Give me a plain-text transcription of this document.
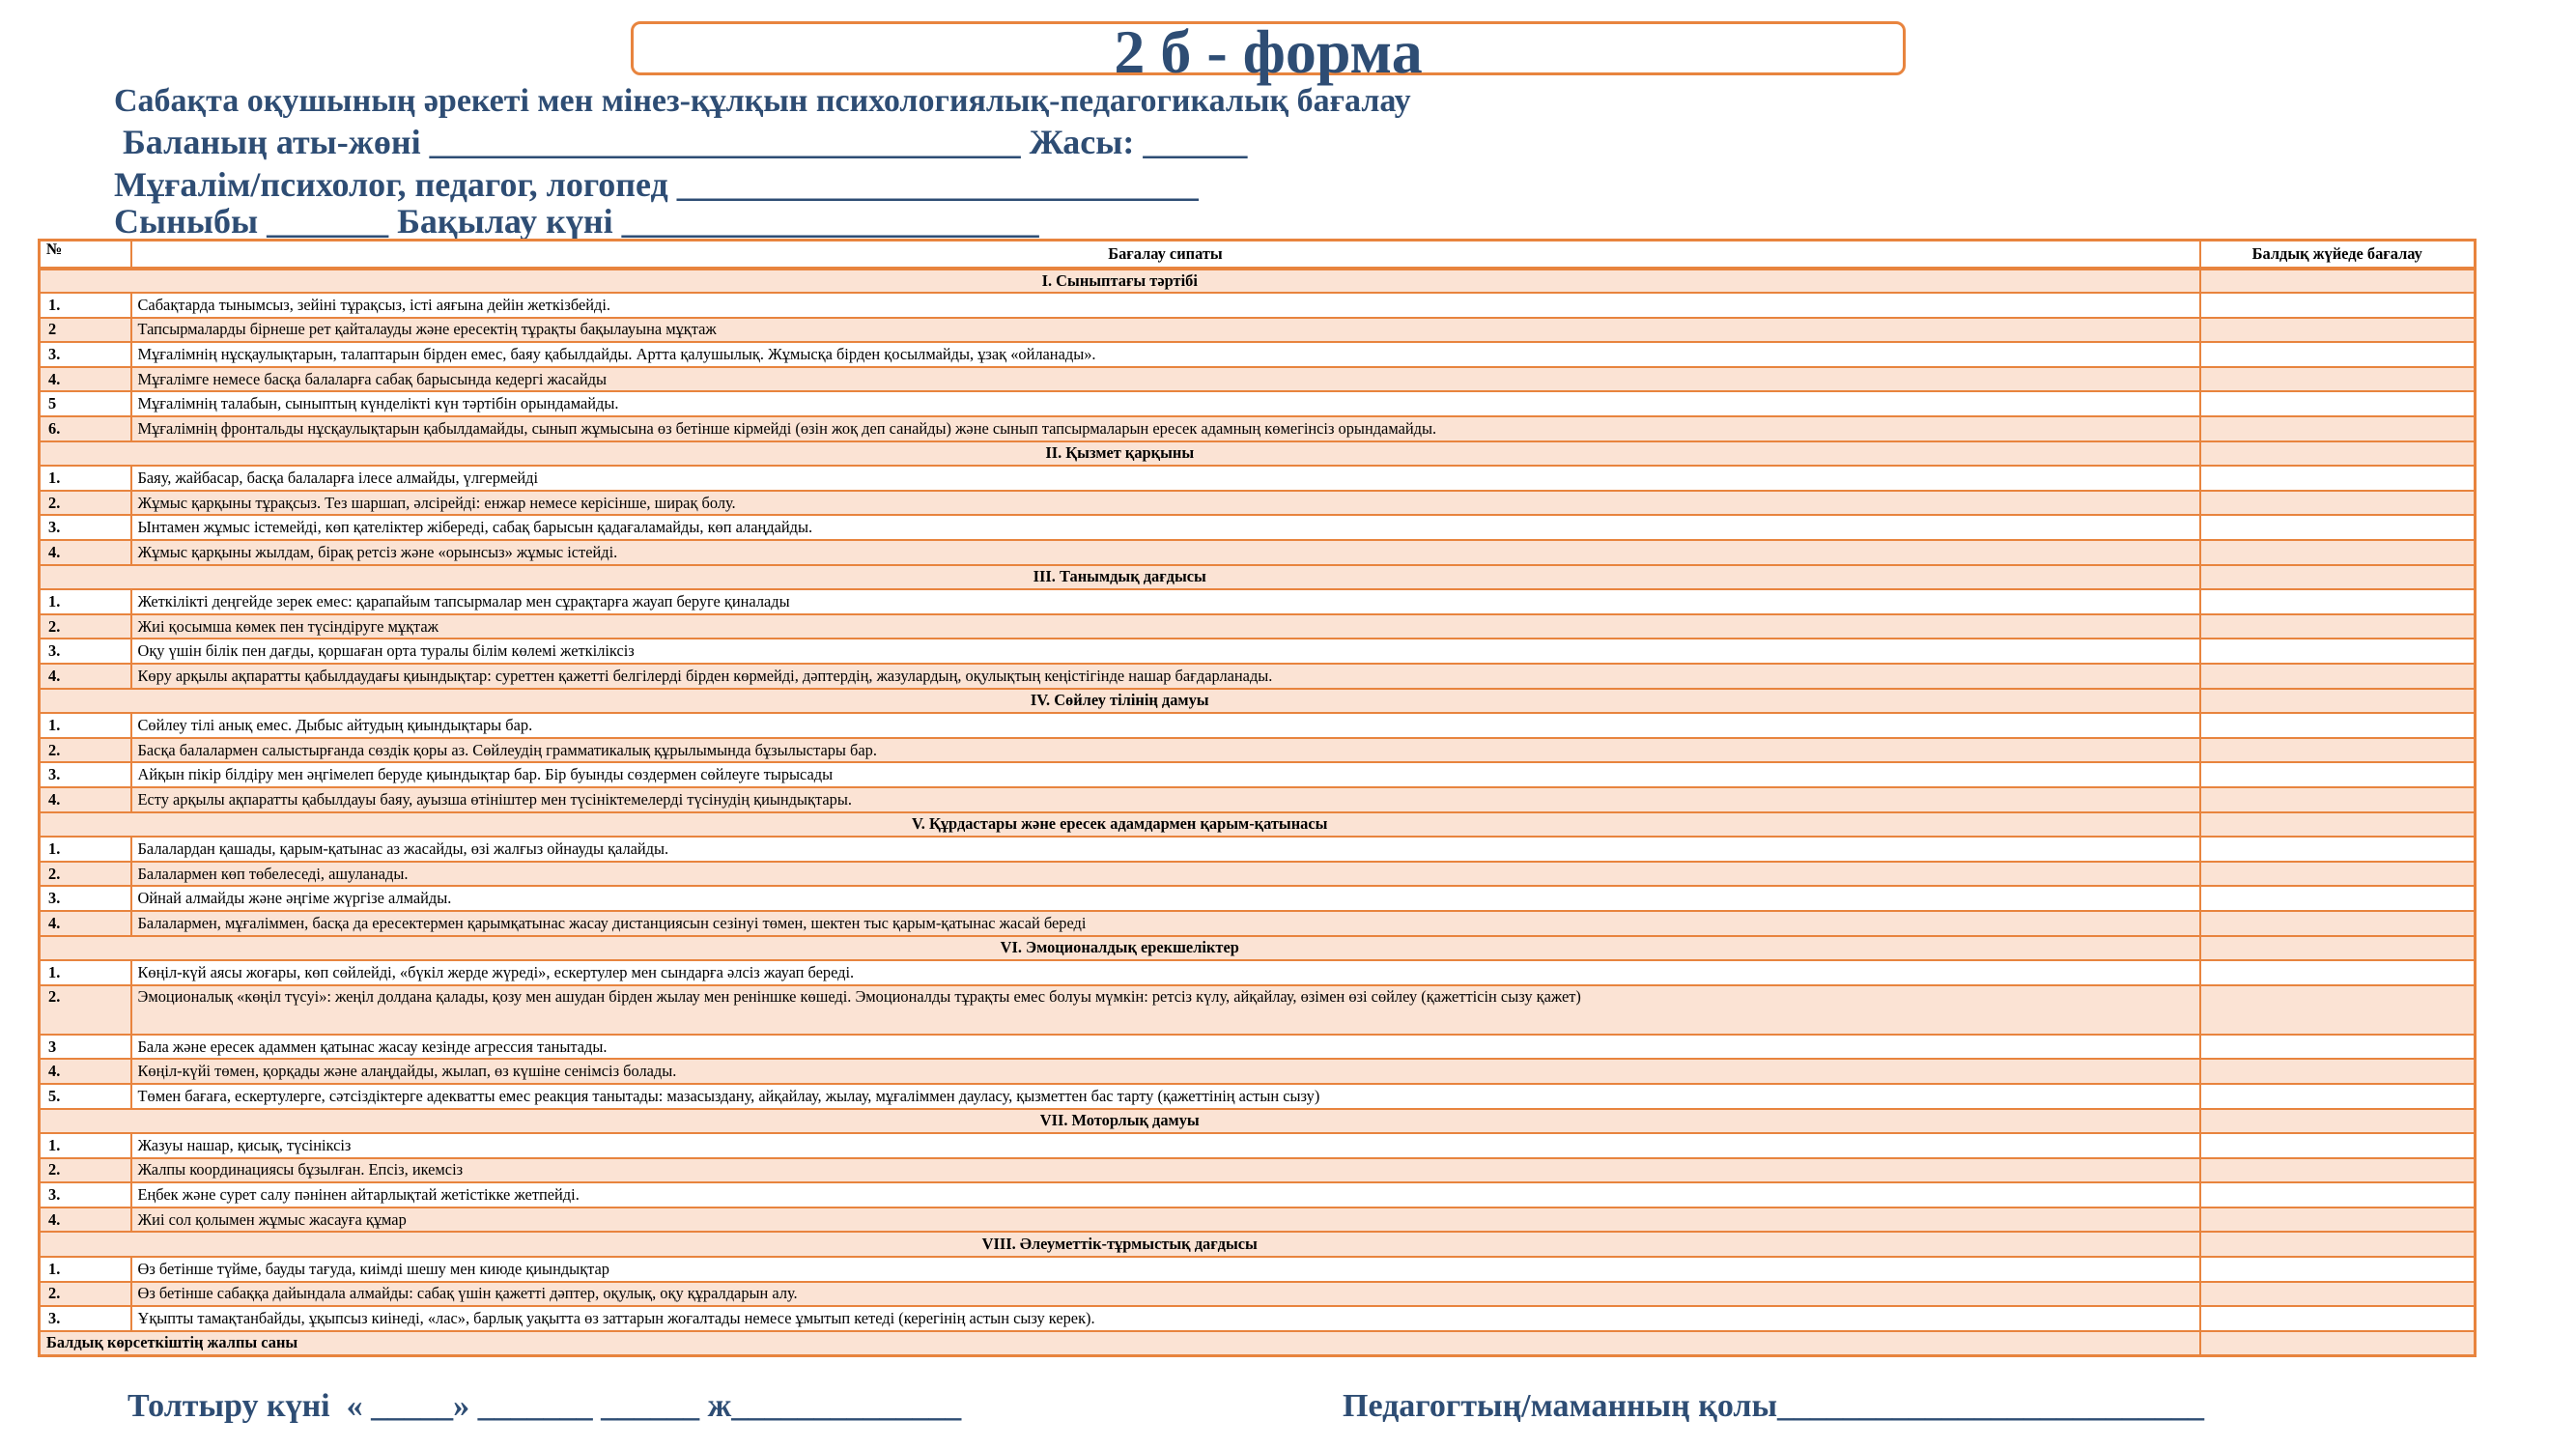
2 б - форма
Сабақта оқушының әрекеті мен мінез-құлқын психологиялық-педагогикалық бағалау
Баланың аты-жөні __________________________________ Жасы: ______
Мұғалім/психолог, педагог, логопед ______________________________
Сыныбы _______ Бақылау күні ________________________
№	Бағалау сипаты	Балдық жүйеде бағалау
I. Сыныптағы тәртібі		
1.	Сабақтарда тынымсыз, зейіні тұрақсыз, істі аяғына дейін жеткізбейді.	
2	Тапсырмаларды бірнеше рет қайталауды және ересектің тұрақты бақылауына мұқтаж	
3.	Мұғалімнің нұсқаулықтарын, талаптарын бірден емес, баяу қабылдайды. Артта қалушылық. Жұмысқа бірден қосылмайды, ұзақ «ойланады».	
4.	Мұғалімге немесе басқа балаларға сабақ барысында кедергі жасайды	
5	Мұғалімнің талабын, сыныптың күнделікті күн тәртібін орындамайды.	
6.	Мұғалімнің фронтальды нұсқаулықтарын қабылдамайды, сынып жұмысына өз бетінше кірмейді (өзін жоқ деп санайды) және сынып тапсырмаларын ересек адамның көмегінсіз орындамайды.	
II. Қызмет қарқыны		
1.	Баяу, жайбасар, басқа балаларға ілесе алмайды, үлгермейді	
2.	Жұмыс қарқыны тұрақсыз. Тез шаршап, әлсірейді: енжар немесе керісінше, ширақ болу.	
3.	Ынтамен жұмыс істемейді, көп қателіктер жібереді, сабақ барысын қадағаламайды, көп алаңдайды.	
4.	Жұмыс қарқыны жылдам, бірақ ретсіз және «орынсыз» жұмыс істейді.	
III. Танымдық дағдысы		
1.	Жеткілікті деңгейде зерек емес: қарапайым тапсырмалар мен сұрақтарға жауап беруге қиналады	
2.	Жиі қосымша көмек пен түсіндіруге мұқтаж	
3.	Оқу үшін білік пен дағды, қоршаған орта туралы білім көлемі жеткіліксіз	
4.	Көру арқылы ақпаратты қабылдаудағы қиындықтар: суреттен қажетті белгілерді бірден көрмейді, дәптердің, жазулардың, оқулықтың кеңістігінде нашар бағдарланады.	
IV. Сөйлеу тілінің дамуы		
1.	Сөйлеу тілі анық емес. Дыбыс айтудың қиындықтары бар.	
2.	Басқа балалармен салыстырғанда сөздік қоры аз. Сөйлеудің грамматикалық құрылымында бұзылыстары бар.	
3.	Айқын пікір білдіру мен әңгімелеп беруде қиындықтар бар. Бір буынды сөздермен сөйлеуге тырысады	
4.	Есту арқылы ақпаратты қабылдауы баяу, ауызша өтініштер мен түсініктемелерді түсінудің қиындықтары.	
V. Құрдастары және ересек адамдармен қарым-қатынасы		
1.	Балалардан қашады, қарым-қатынас аз жасайды, өзі жалғыз ойнауды қалайды.	
2.	Балалармен көп төбелеседі, ашуланады.	
3.	Ойнай алмайды және әңгіме жүргізе алмайды.	
4.	Балалармен, мұғаліммен, басқа да ересектермен қарымқатынас жасау дистанциясын сезінуі төмен, шектен тыс қарым-қатынас жасай береді	
VI. Эмоционалдық ерекшеліктер		
1.	Көңіл-күй аясы жоғары, көп сөйлейді, «бүкіл жерде жүреді», ескертулер мен сындарға әлсіз жауап береді.	
2.	Эмоционалық «көңіл түсуі»: жеңіл долдана қалады, қозу мен ашудан бірден жылау мен реніншке көшеді. Эмоционалды тұрақты емес болуы мүмкін: ретсіз күлу, айқайлау, өзімен өзі сөйлеу (қажеттісін сызу қажет)	
3	Бала және ересек адаммен қатынас жасау кезінде агрессия танытады.	
4.	Көңіл-күйі төмен, қорқады және алаңдайды, жылап, өз күшіне сенімсіз болады.	
5.	Төмен бағаға, ескертулерге, сәтсіздіктерге адекватты емес реакция танытады: мазасыздану, айқайлау, жылау, мұғаліммен дауласу, қызметтен бас тарту (қажеттінің астын сызу)	
VII. Моторлық дамуы		
1.	Жазуы нашар, қисық, түсініксіз	
2.	Жалпы координациясы бұзылған. Епсіз, икемсіз	
3.	Еңбек және сурет салу пәнінен айтарлықтай жетістікке жетпейді.	
4.	Жиі сол қолымен жұмыс жасауға құмар	
VIII. Әлеуметтік-тұрмыстық дағдысы		
1.	Өз бетінше түйме, бауды тағуда, киімді шешу мен киюде қиындықтар	
2.	Өз бетінше сабаққа дайындала алмайды: сабақ үшін қажетті дәптер, оқулық, оқу құралдарын алу.	
3.	Ұқыпты тамақтанбайды, ұқыпсыз киінеді, «лас», барлық уақытта өз заттарын жоғалтады немесе ұмытып кетеді (керегінің астын сызу керек).	
Балдық көрсеткіштің жалпы саны		
Толтыру күні  « _____» _______ ______ ж______________	Педагогтың/маманның қолы__________________________
